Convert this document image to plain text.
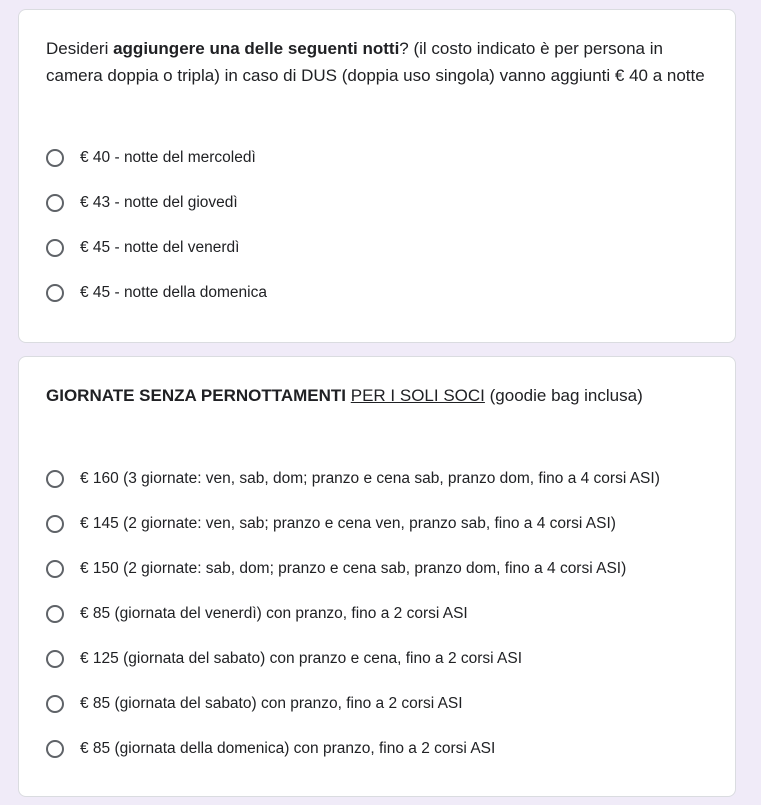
Desideri aggiungere una delle seguenti notti? (il costo indicato è per persona in camera doppia o tripla) in caso di DUS (doppia uso singola) vanno aggiunti € 40 a notte
€ 40 - notte del mercoledì
€ 43 - notte del giovedì
€ 45 - notte del venerdì
€ 45 - notte della domenica
GIORNATE SENZA PERNOTTAMENTI PER I SOLI SOCI (goodie bag inclusa)
€ 160 (3 giornate: ven, sab, dom; pranzo e cena sab, pranzo dom, fino a 4 corsi ASI)
€ 145 (2 giornate: ven, sab; pranzo e cena ven, pranzo sab, fino a 4 corsi ASI)
€ 150 (2 giornate: sab, dom; pranzo e cena sab, pranzo dom, fino a 4 corsi ASI)
€ 85 (giornata del venerdì) con pranzo, fino a 2 corsi ASI
€ 125 (giornata del sabato) con pranzo e cena, fino a 2 corsi ASI
€ 85 (giornata del sabato) con pranzo, fino a 2 corsi ASI
€ 85 (giornata della domenica) con pranzo, fino a 2 corsi ASI
